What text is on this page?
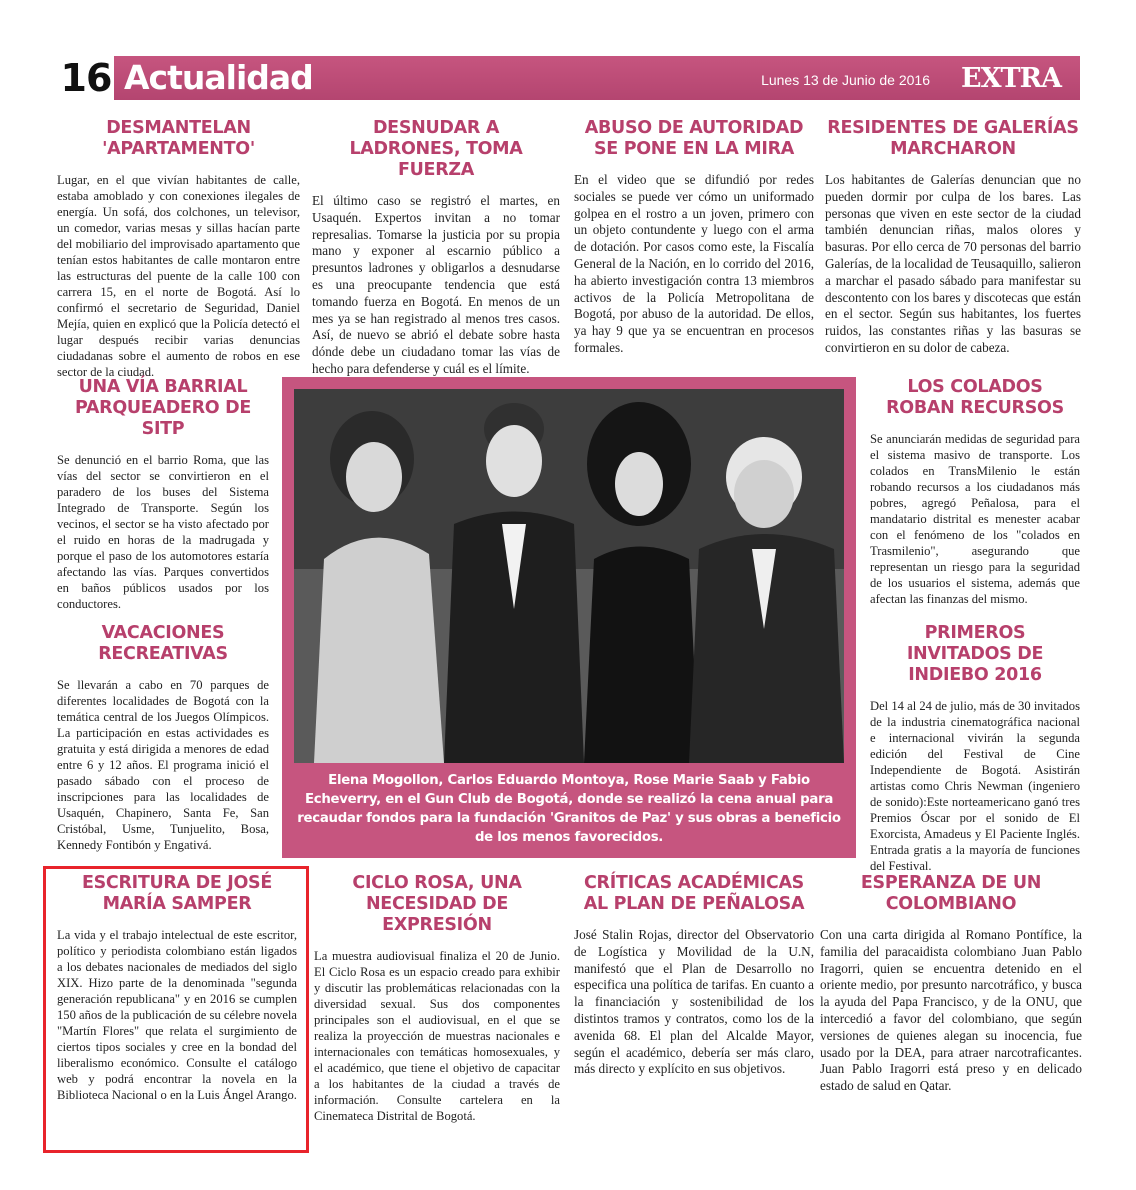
16 Actualidad	Lunes 13 de Junio de 2016	EXTRA
DESMANTELAN 'APARTAMENTO'
Lugar, en el que vivían habitantes de calle, estaba amoblado y con conexiones ilegales de energía. Un sofá, dos colchones, un televisor, un comedor, varias mesas y sillas hacían parte del mobiliario del improvisado apartamento que tenían estos habitantes de calle montaron entre las estructuras del puente de la calle 100 con carrera 15, en el norte de Bogotá. Así lo confirmó el secretario de Seguridad, Daniel Mejía, quien en explicó que la Policía detectó el lugar después recibir varias denuncias ciudadanas sobre el aumento de robos en ese sector de la ciudad.
DESNUDAR A LADRONES, TOMA FUERZA
El último caso se registró el martes, en Usaquén. Expertos invitan a no tomar represalias. Tomarse la justicia por su propia mano y exponer al escarnio público a presuntos ladrones y obligarlos a desnudarse es una preocupante tendencia que está tomando fuerza en Bogotá. En menos de un mes ya se han registrado al menos tres casos. Así, de nuevo se abrió el debate sobre hasta dónde debe un ciudadano tomar las vías de hecho para defenderse y cuál es el límite.
ABUSO DE AUTORIDAD SE PONE EN LA MIRA
En el video que se difundió por redes sociales se puede ver cómo un uniformado golpea en el rostro a un joven, primero con un objeto contundente y luego con el arma de dotación. Por casos como este, la Fiscalía General de la Nación, en lo corrido del 2016, ha abierto investigación contra 13 miembros activos de la Policía Metropolitana de Bogotá, por abuso de la autoridad. De ellos, ya hay 9 que ya se encuentran en procesos formales.
RESIDENTES DE GALERÍAS MARCHARON
Los habitantes de Galerías denuncian que no pueden dormir por culpa de los bares. Las personas que viven en este sector de la ciudad también denuncian riñas, malos olores y basuras. Por ello cerca de 70 personas del barrio Galerías, de la localidad de Teusaquillo, salieron a marchar el pasado sábado para manifestar su descontento con los bares y discotecas que están en el sector. Según sus habitantes, los fuertes ruidos, las constantes riñas y las basuras se convirtieron en su dolor de cabeza.
UNA VÍA BARRIAL PARQUEADERO DE SITP
Se denunció en el barrio Roma, que las vías del sector se convirtieron en el paradero de los buses del Sistema Integrado de Transporte. Según los vecinos, el sector se ha visto afectado por el ruido en horas de la madrugada y porque el paso de los automotores estaría afectando las vías. Parques convertidos en baños públicos usados por los conductores.
VACACIONES RECREATIVAS
Se llevarán a cabo en 70 parques de diferentes localidades de Bogotá con la temática central de los Juegos Olímpicos. La participación en estas actividades es gratuita y está dirigida a menores de edad entre 6 y 12 años. El programa inició el pasado sábado con el proceso de inscripciones para las localidades de Usaquén, Chapinero, Santa Fe, San Cristóbal, Usme, Tunjuelito, Bosa, Kennedy Fontibón y Engativá.
LOS COLADOS ROBAN RECURSOS
Se anunciarán medidas de seguridad para el sistema masivo de transporte. Los colados en TransMilenio le están robando recursos a los ciudadanos más pobres, agregó Peñalosa, para el mandatario distrital es menester acabar con el fenómeno de los "colados en Trasmilenio", asegurando que representan un riesgo para la seguridad de los usuarios el sistema, además que afectan las finanzas del mismo.
PRIMEROS INVITADOS DE INDIEBO 2016
Del 14 al 24 de julio, más de 30 invitados de la industria cinematográfica nacional e internacional vivirán la segunda edición del Festival de Cine Independiente de Bogotá. Asistirán artistas como Chris Newman (ingeniero de sonido):Este norteamericano ganó tres Premios Óscar por el sonido de El Exorcista, Amadeus y El Paciente Inglés. Entrada gratis a la mayoría de funciones del Festival.
Elena Mogollon, Carlos Eduardo Montoya, Rose Marie Saab y Fabio Echeverry, en el Gun Club de Bogotá, donde se realizó la cena anual para recaudar fondos para la fundación 'Granitos de Paz' y sus obras a beneficio de los menos favorecidos.
ESCRITURA DE JOSÉ MARÍA SAMPER
La vida y el trabajo intelectual de este escritor, político y periodista colombiano están ligados a los debates nacionales de mediados del siglo XIX. Hizo parte de la denominada "segunda generación republicana" y en 2016 se cumplen 150 años de la publicación de su célebre novela "Martín Flores" que relata el surgimiento de ciertos tipos sociales y cree en la bondad del liberalismo económico. Consulte el catálogo web y podrá encontrar la novela en la Biblioteca Nacional o en la Luis Ángel Arango.
CICLO ROSA, UNA NECESIDAD DE EXPRESIÓN
La muestra audiovisual finaliza el 20 de Junio. El Ciclo Rosa es un espacio creado para exhibir y discutir las problemáticas relacionadas con la diversidad sexual. Sus dos componentes principales son el audiovisual, en el que se realiza la proyección de muestras nacionales e internacionales con temáticas homosexuales, y el académico, que tiene el objetivo de capacitar a los habitantes de la ciudad a través de información. Consulte cartelera en la Cinemateca Distrital de Bogotá.
CRÍTICAS ACADÉMICAS AL PLAN DE PEÑALOSA
José Stalin Rojas, director del Observatorio de Logística y Movilidad de la U.N, manifestó que el Plan de Desarrollo no especifica una política de tarifas. En cuanto a la financiación y sostenibilidad de los distintos tramos y contratos, como los de la avenida 68. El plan del Alcalde Mayor, según el académico, debería ser más claro, más directo y explícito en sus objetivos.
ESPERANZA DE UN COLOMBIANO
Con una carta dirigida al Romano Pontífice, la familia del paracaidista colombiano Juan Pablo Iragorri, quien se encuentra detenido en el oriente medio, por presunto narcotráfico, y busca la ayuda del Papa Francisco, y de la ONU, que intercedió a favor del colombiano, que según versiones de quienes alegan su inocencia, fue usado por la DEA, para atraer narcotraficantes. Juan Pablo Iragorri está preso y en delicado estado de salud en Qatar.
